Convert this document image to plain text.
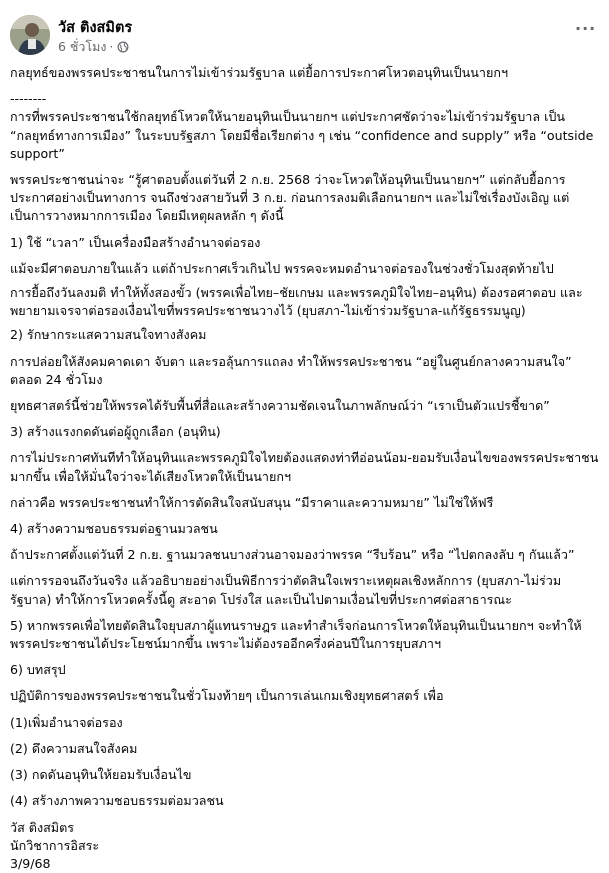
วัส ติงสมิตร
6 ชั่วโมง ·
···

กลยุทธ์ของพรรคประชาชนในการไม่เข้าร่วมรัฐบาล แต่ยื้อการประกาศโหวตอนุทินเป็นนายกฯ

--------

การที่พรรคประชาชนใช้กลยุทธ์โหวตให้นายอนุทินเป็นนายกฯ แต่ประกาศชัดว่าจะไม่เข้าร่วมรัฐบาล เป็น “กลยุทธ์ทางการเมือง” ในระบบรัฐสภา โดยมีชื่อเรียกต่าง ๆ เช่น “confidence and supply” หรือ “outside support”

พรรคประชาชนน่าจะ “รู้ศาตอบตั้งแต่วันที่ 2 ก.ย. 2568 ว่าจะโหวตให้อนุทินเป็นนายกฯ” แต่กลับยื้อการประกาศอย่างเป็นทางการ จนถึงช่วงสายวันที่ 3 ก.ย. ก่อนการลงมติเลือกนายกฯ และไม่ใช่เรื่องบังเอิญ แต่เป็นการวางหมากการเมือง โดยมีเหตุผลหลัก ๆ ดังนี้

1) ใช้ “เวลา” เป็นเครื่องมือสร้างอำนาจต่อรอง

แม้จะมีศาตอบภายในแล้ว แต่ถ้าประกาศเร็วเกินไป พรรคจะหมดอำนาจต่อรองในช่วงชั่วโมงสุดท้ายไป

การยื้อถึงวันลงมติ ทำให้ทั้งสองขั้ว (พรรคเพื่อไทย–ชัยเกษม และพรรคภูมิใจไทย–อนุทิน) ต้องรอศาตอบ และพยายามเจรจาต่อรองเงื่อนไขที่พรรคประชาชนวางไว้ (ยุบสภา-ไม่เข้าร่วมรัฐบาล-แก้รัฐธรรมนูญ)

2) รักษากระแสความสนใจทางสังคม

การปล่อยให้สังคมคาดเดา จับตา และรอลุ้นการแถลง ทำให้พรรคประชาชน “อยู่ในศูนย์กลางความสนใจ” ตลอด 24 ชั่วโมง

ยุทธศาสตร์นี้ช่วยให้พรรคได้รับพื้นที่สื่อและสร้างความชัดเจนในภาพลักษณ์ว่า “เราเป็นตัวแปรชี้ขาด”

3) สร้างแรงกดดันต่อผู้ถูกเลือก (อนุทิน)

การไม่ประกาศทันทีทำให้อนุทินและพรรคภูมิใจไทยต้องแสดงท่าทีอ่อนน้อม-ยอมรับเงื่อนไขของพรรคประชาชนมากขึ้น เพื่อให้มั่นใจว่าจะได้เสียงโหวตให้เป็นนายกฯ

กล่าวคือ พรรคประชาชนทำให้การตัดสินใจสนับสนุน “มีราคาและความหมาย” ไม่ใช่ให้ฟรี

4) สร้างความชอบธรรมต่อฐานมวลชน

ถ้าประกาศตั้งแต่วันที่ 2 ก.ย. ฐานมวลชนบางส่วนอาจมองว่าพรรค “รีบร้อน” หรือ “ไปตกลงลับ ๆ กันแล้ว”

แต่การรอจนถึงวันจริง แล้วอธิบายอย่างเป็นพิธีการว่าตัดสินใจเพราะเหตุผลเชิงหลักการ (ยุบสภา-ไม่ร่วมรัฐบาล) ทำให้การโหวตครั้งนี้ดู สะอาด โปร่งใส และเป็นไปตามเงื่อนไขที่ประกาศต่อสาธารณะ

5) หากพรรคเพื่อไทยตัดสินใจยุบสภาผู้แทนราษฎร และทำสำเร็จก่อนการโหวตให้อนุทินเป็นนายกฯ จะทำให้พรรคประชาชนได้ประโยชน์มากขึ้น เพราะไม่ต้องรออีกครึ่งค่อนปีในการยุบสภาฯ

6) บทสรุป

ปฏิบัติการของพรรคประชาชนในชั่วโมงท้ายๆ เป็นการเล่นเกมเชิงยุทธศาสตร์ เพื่อ

(1)เพิ่มอำนาจต่อรอง

(2) ดึงความสนใจสังคม

(3) กดดันอนุทินให้ยอมรับเงื่อนไข

(4) สร้างภาพความชอบธรรมต่อมวลชน

วัส ติงสมิตร

นักวิชาการอิสระ

3/9/68
